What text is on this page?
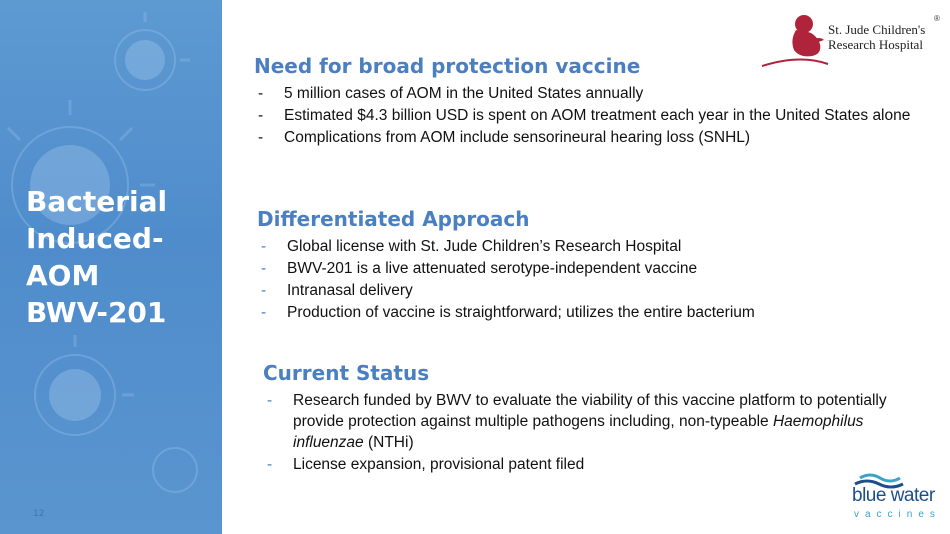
Bacterial
Induced-
AOM
BWV-201
12
St. Jude Children's
Research Hospital
®
Need for broad protection vaccine
- 5 million cases of AOM in the United States annually
- Estimated $4.3 billion USD is spent on AOM treatment each year in the United States alone
- Complications from AOM include sensorineural hearing loss (SNHL)
Differentiated Approach
- Global license with St. Jude Children’s Research Hospital
- BWV-201 is a live attenuated serotype-independent vaccine
- Intranasal delivery
- Production of vaccine is straightforward; utilizes the entire bacterium
Current Status
- Research funded by BWV to evaluate the viability of this vaccine platform to potentially provide protection against multiple pathogens including, non-typeable Haemophilus influenzae (NTHi)
- License expansion, provisional patent filed
blue water
vaccines
